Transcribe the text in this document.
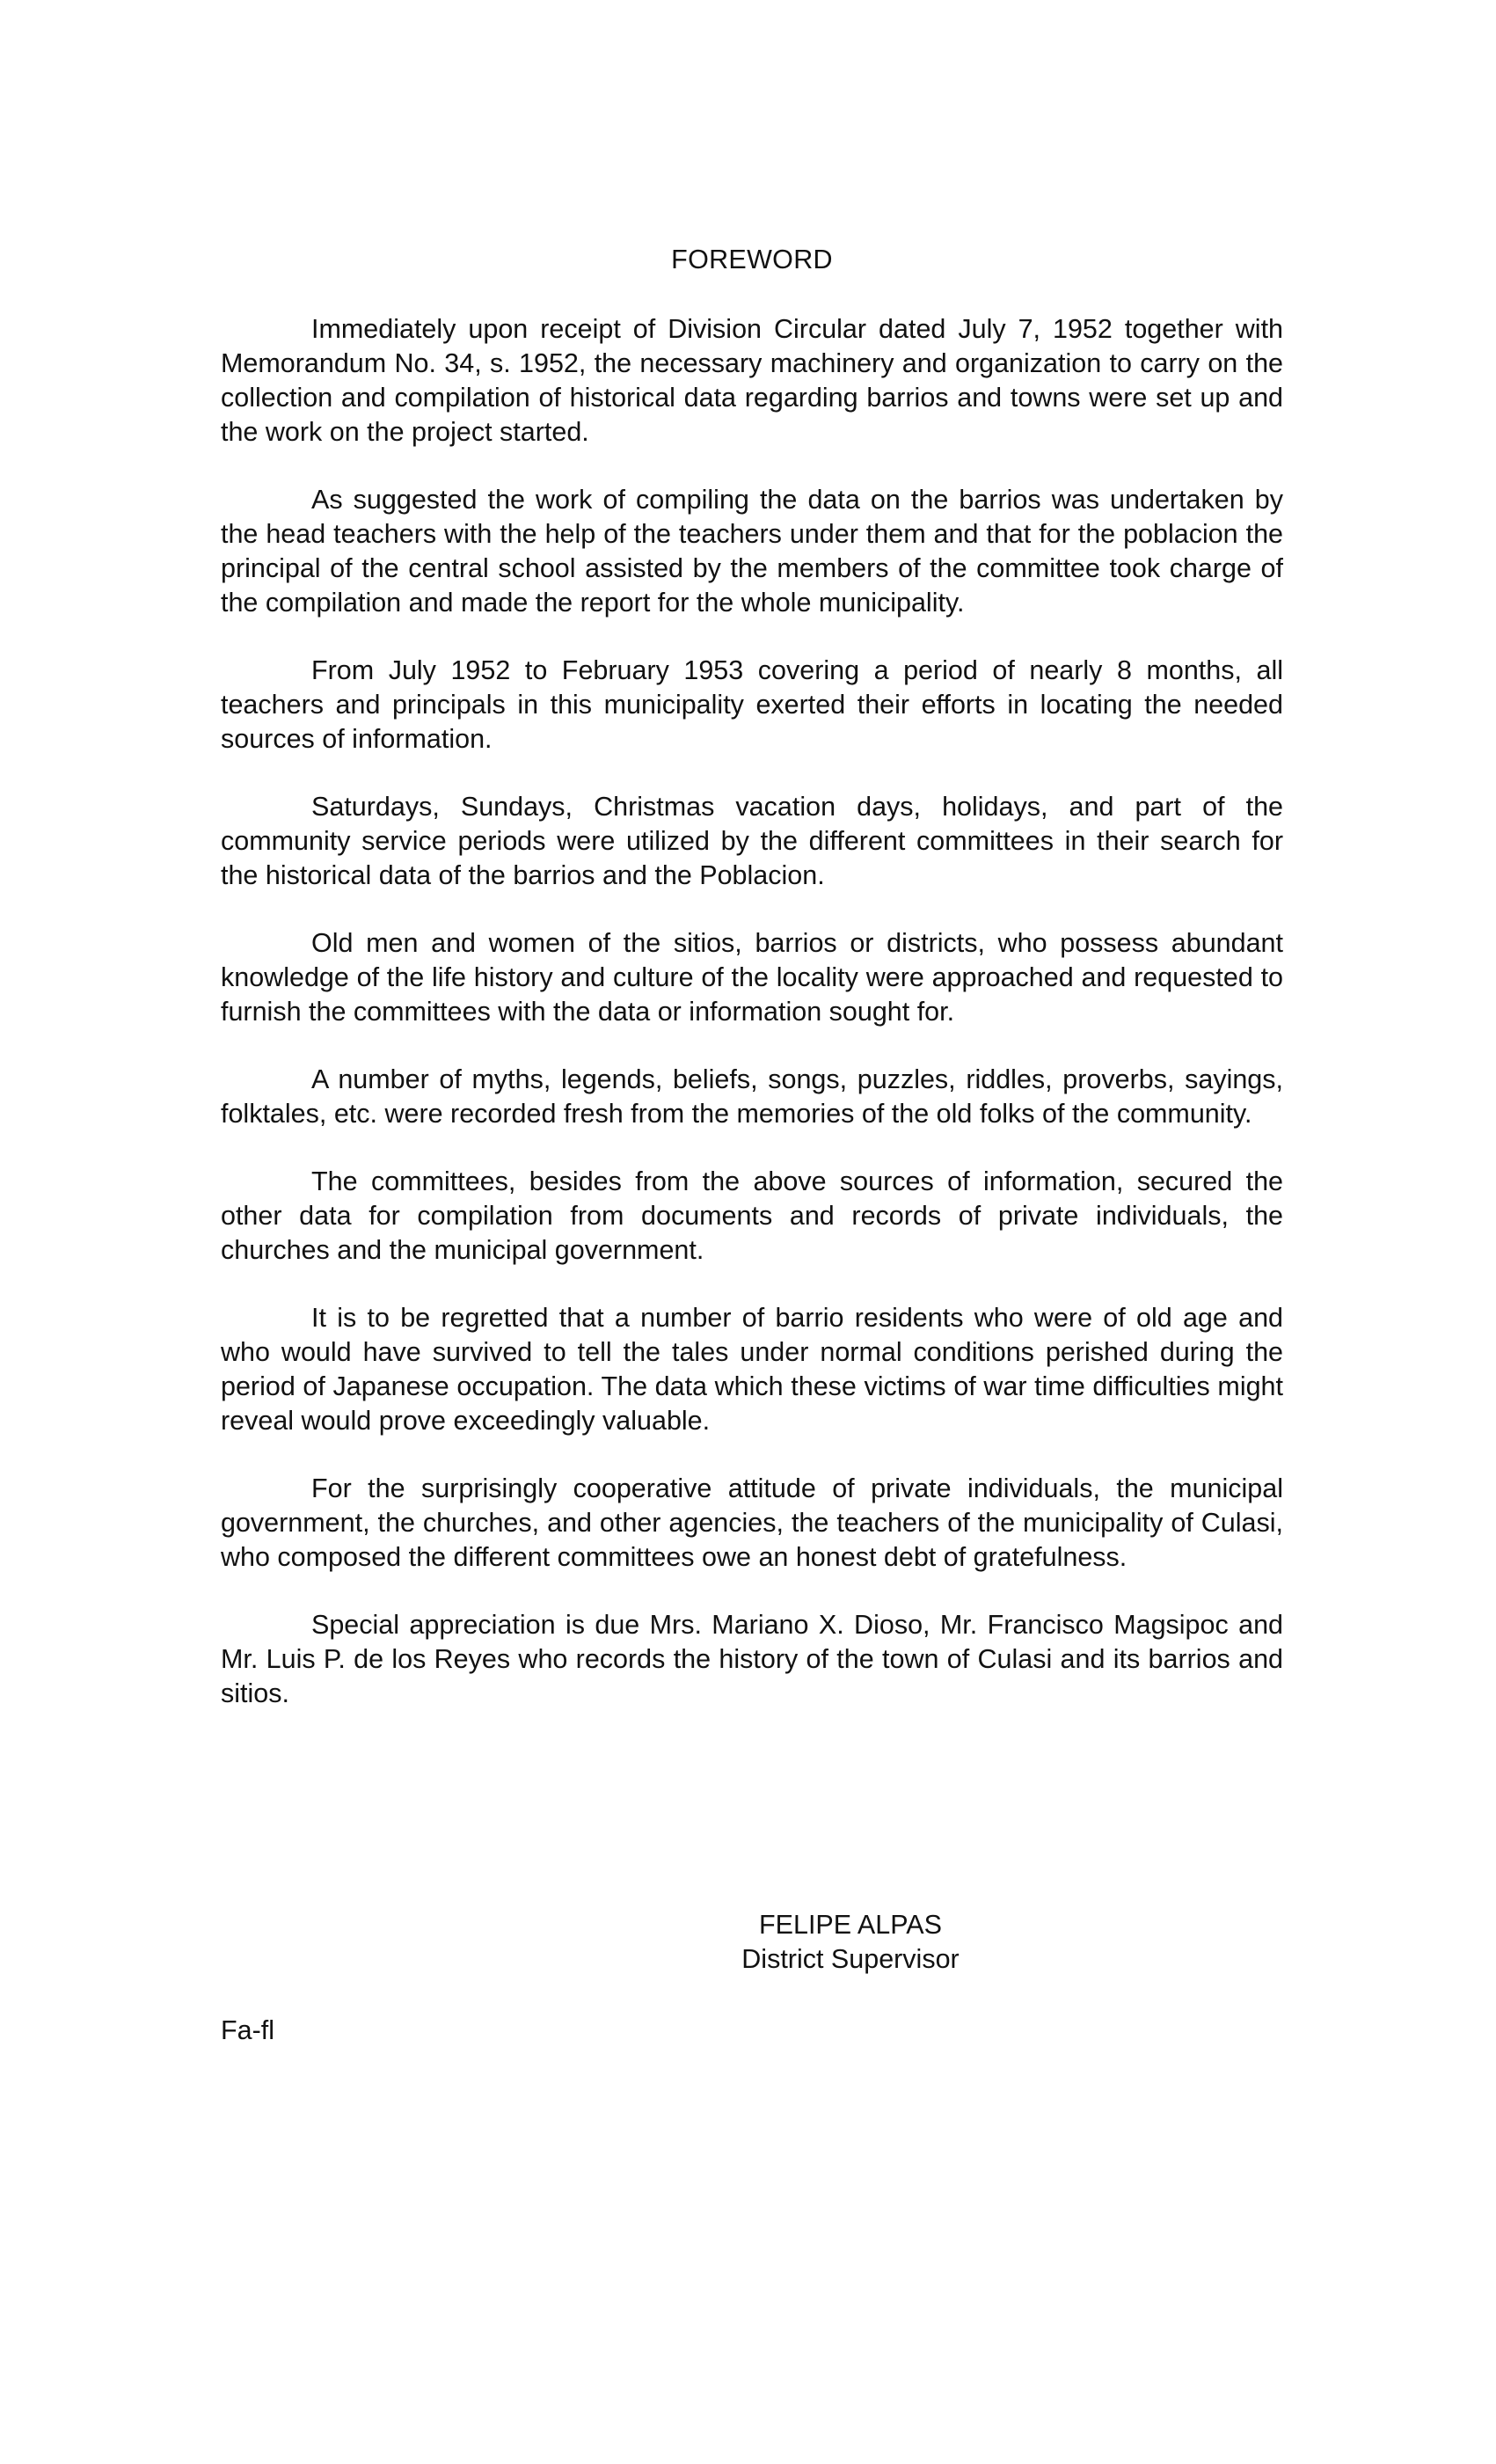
FOREWORD

Immediately upon receipt of Division Circular dated July 7, 1952 together with Memorandum No. 34, s. 1952, the necessary machinery and organization to carry on the collection and compilation of historical data regarding barrios and towns were set up and the work on the project started.

As suggested the work of compiling the data on the barrios was undertaken by the head teachers with the help of the teachers under them and that for the poblacion the principal of the central school assisted by the members of the committee took charge of the compilation and made the report for the whole municipality.

From July 1952 to February 1953 covering a period of nearly 8 months, all teachers and principals in this municipality exerted their efforts in locating the needed sources of information.

Saturdays, Sundays, Christmas vacation days, holidays, and part of the community service periods were utilized by the different committees in their search for the historical data of the barrios and the Poblacion.

Old men and women of the sitios, barrios or districts, who possess abundant knowledge of the life history and culture of the locality were approached and requested to furnish the committees with the data or information sought for.

A number of myths, legends, beliefs, songs, puzzles, riddles, proverbs, sayings, folktales, etc. were recorded fresh from the memories of the old folks of the community.

The committees, besides from the above sources of information, secured the other data for compilation from documents and records of private individuals, the churches and the municipal government.

It is to be regretted that a number of barrio residents who were of old age and who would have survived to tell the tales under normal conditions perished during the period of Japanese occupation. The data which these victims of war time difficulties might reveal would prove exceedingly valuable.

For the surprisingly cooperative attitude of private individuals, the municipal government, the churches, and other agencies, the teachers of the municipality of Culasi, who composed the different committees owe an honest debt of gratefulness.

Special appreciation is due Mrs. Mariano X. Dioso, Mr. Francisco Magsipoc and Mr. Luis P. de los Reyes who records the history of the town of Culasi and its barrios and sitios.

FELIPE ALPAS
District Supervisor
Fa-fl
